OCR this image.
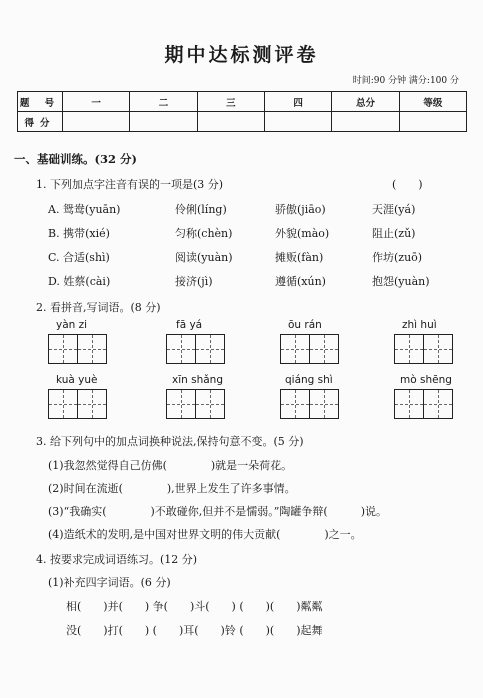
期中达标测评卷
时间:90 分钟 满分:100 分
题 号	一	二	三	四	总分	等级
得分						
一、基础训练。(32 分)
1. 下列加点字注音有误的一项是(3 分)	(　　)
A. 鸳鸯(yuān)	伶俐(líng)	骄傲(jiāo)	天涯(yá)
B. 携带(xié)	匀称(chèn)	外貌(mào)	阻止(zǔ)
C. 合适(shì)	阅读(yuàn)	摊贩(fàn)	作坊(zuō)
D. 姓蔡(cài)	接济(jì)	遵循(xún)	抱怨(yuàn)
2. 看拼音,写词语。(8 分)
yàn zi	fā yá	ōu rán	zhì huì
kuà yuè	xīn shǎng	qiáng shì	mò shēng
3. 给下列句中的加点词换种说法,保持句意不变。(5 分)
(1)我忽然觉得自己仿佛(　　　　)就是一朵荷花。
(2)时间在流逝(　　　　),世界上发生了许多事情。
(3)“我确实(　　　　)不敢碰你,但并不是懦弱。”陶罐争辩(　　　)说。
(4)造纸术的发明,是中国对世界文明的伟大贡献(　　　　)之一。
4. 按要求完成词语练习。(12 分)
(1)补充四字词语。(6 分)
相(　　)并(　　) 争(　　)斗(　　) (　　)(　　)粼粼
没(　　)打(　　) (　　)耳(　　)铃 (　　)(　　)起舞
